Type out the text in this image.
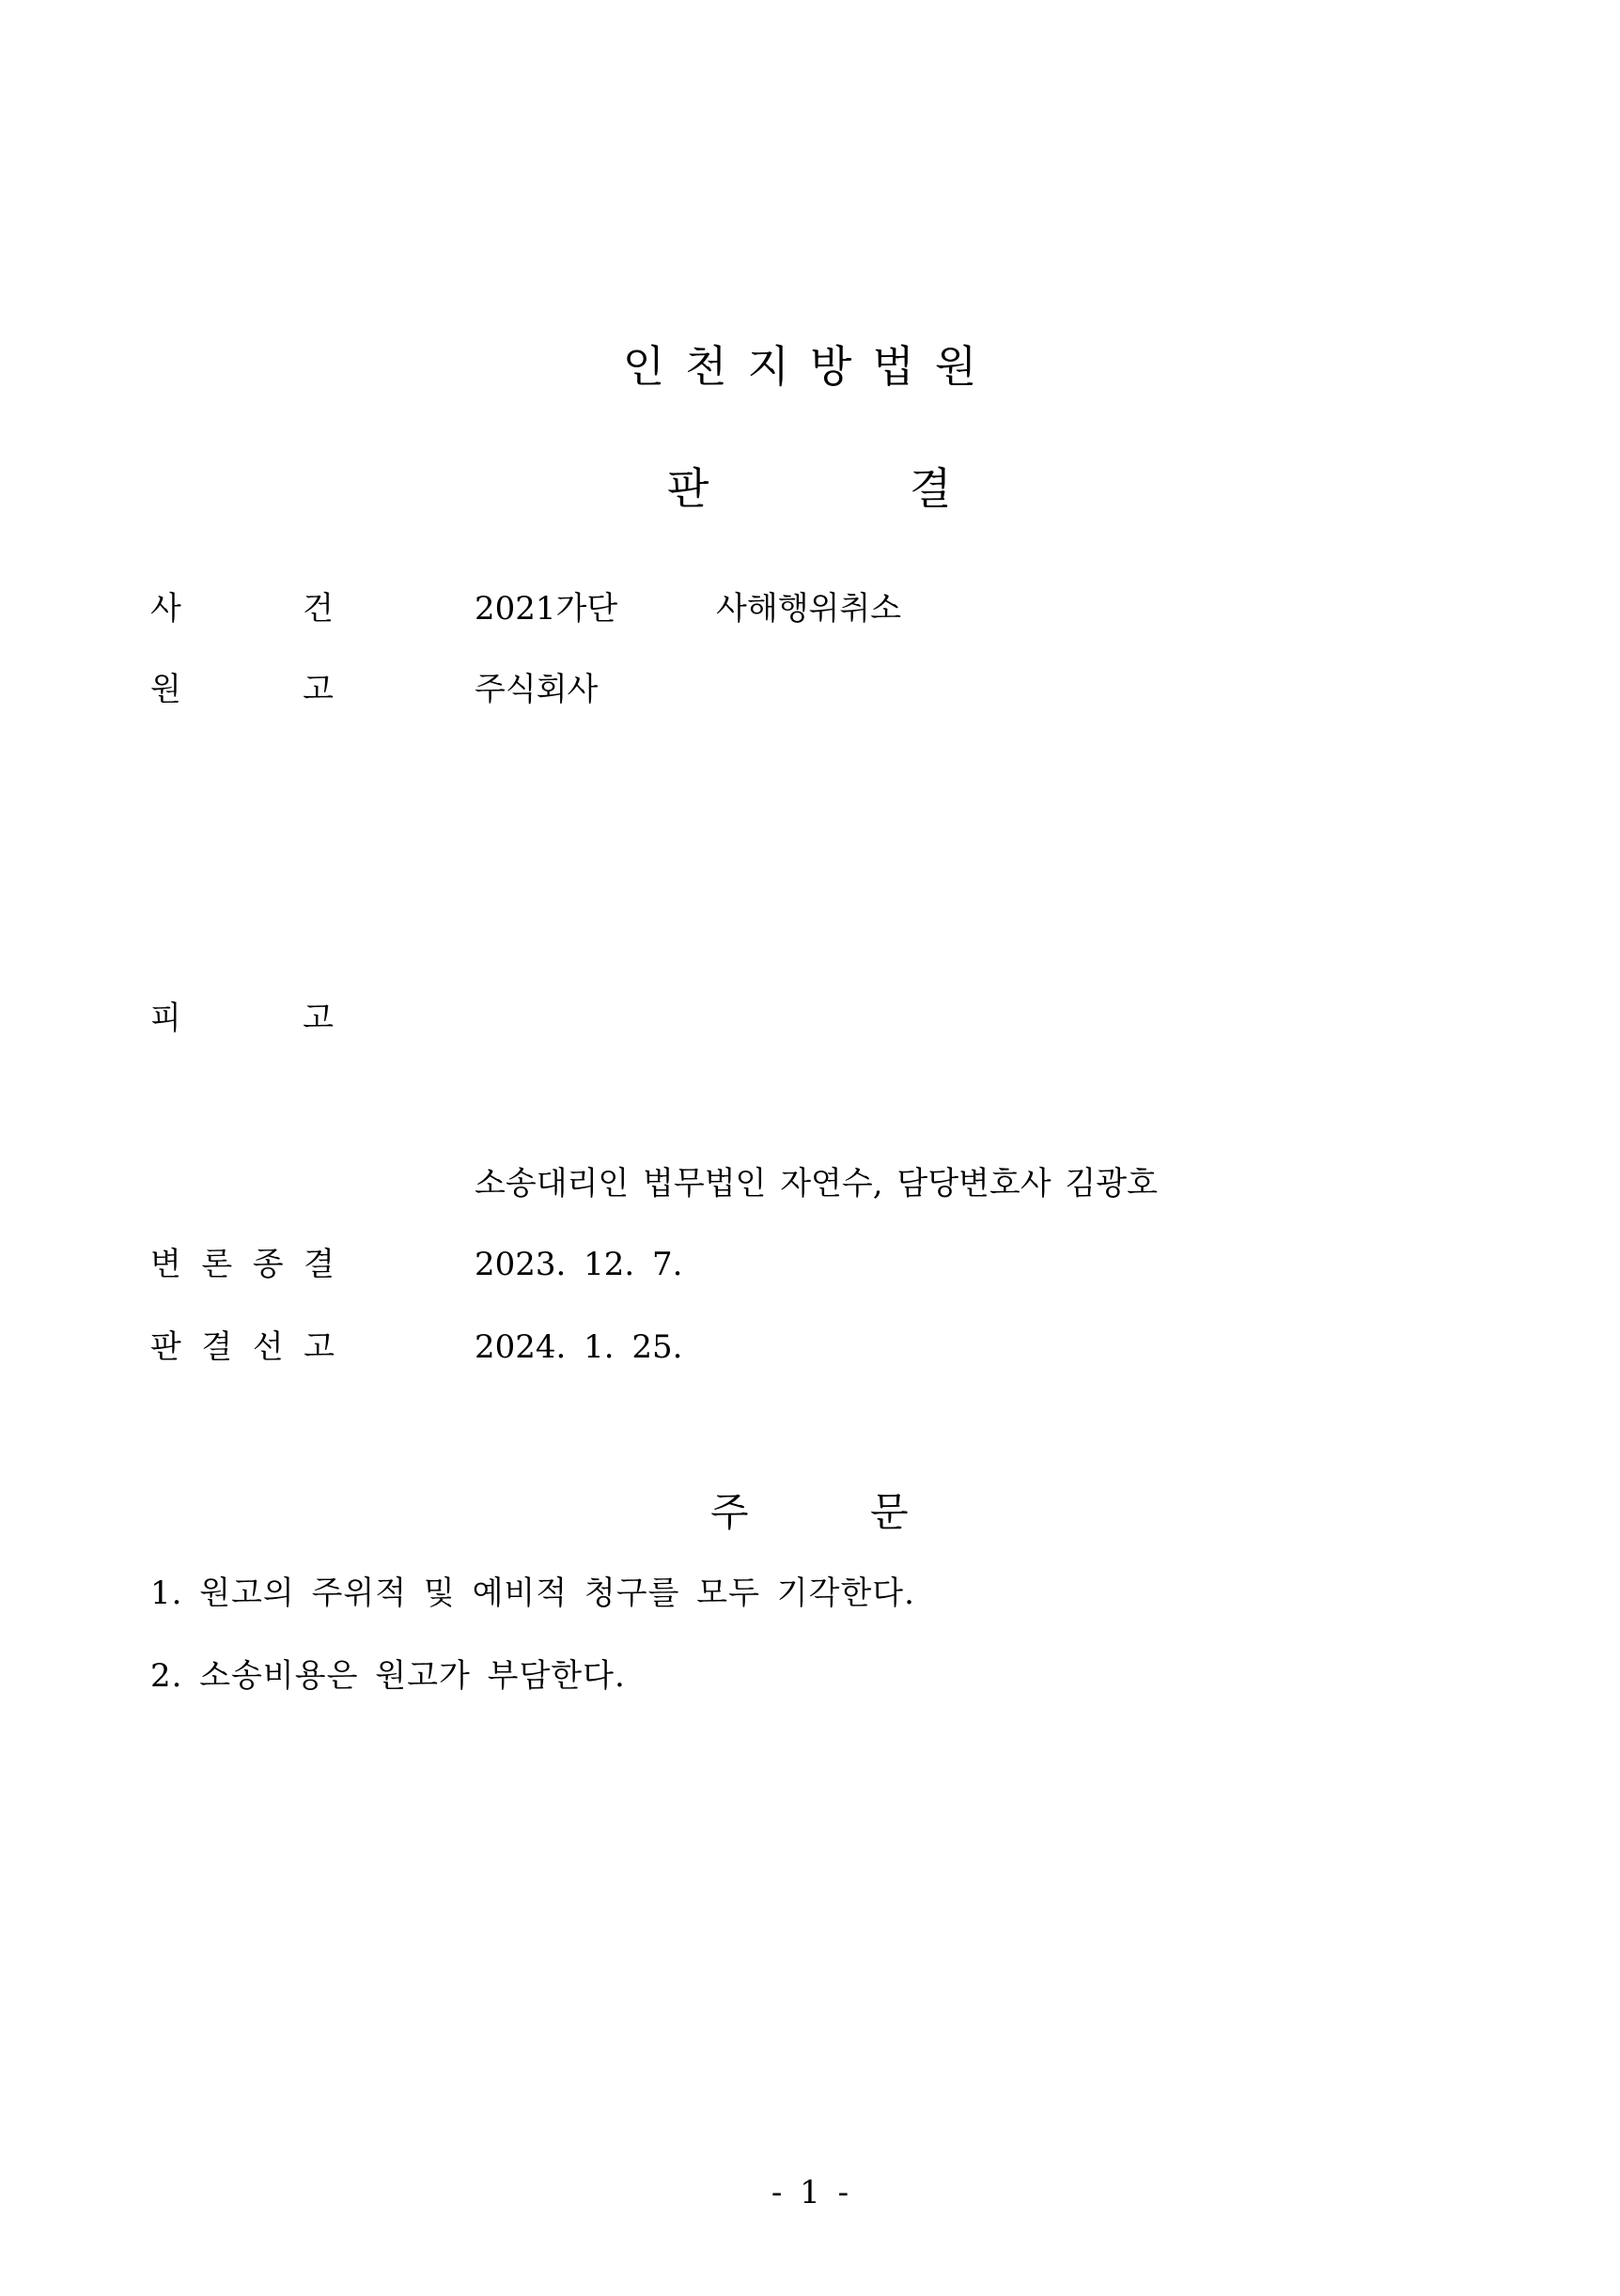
인천지방법원
판	결
사	건	2021가단	사해행위취소
원	고	주식회사
피	고
소송대리인 법무법인 자연수, 담당변호사 김광호
변 론 종 결	2023. 12. 7.
판 결 선 고	2024. 1. 25.
주	문
1. 원고의 주위적 및 예비적 청구를 모두 기각한다.
2. 소송비용은 원고가 부담한다.
- 1 -
